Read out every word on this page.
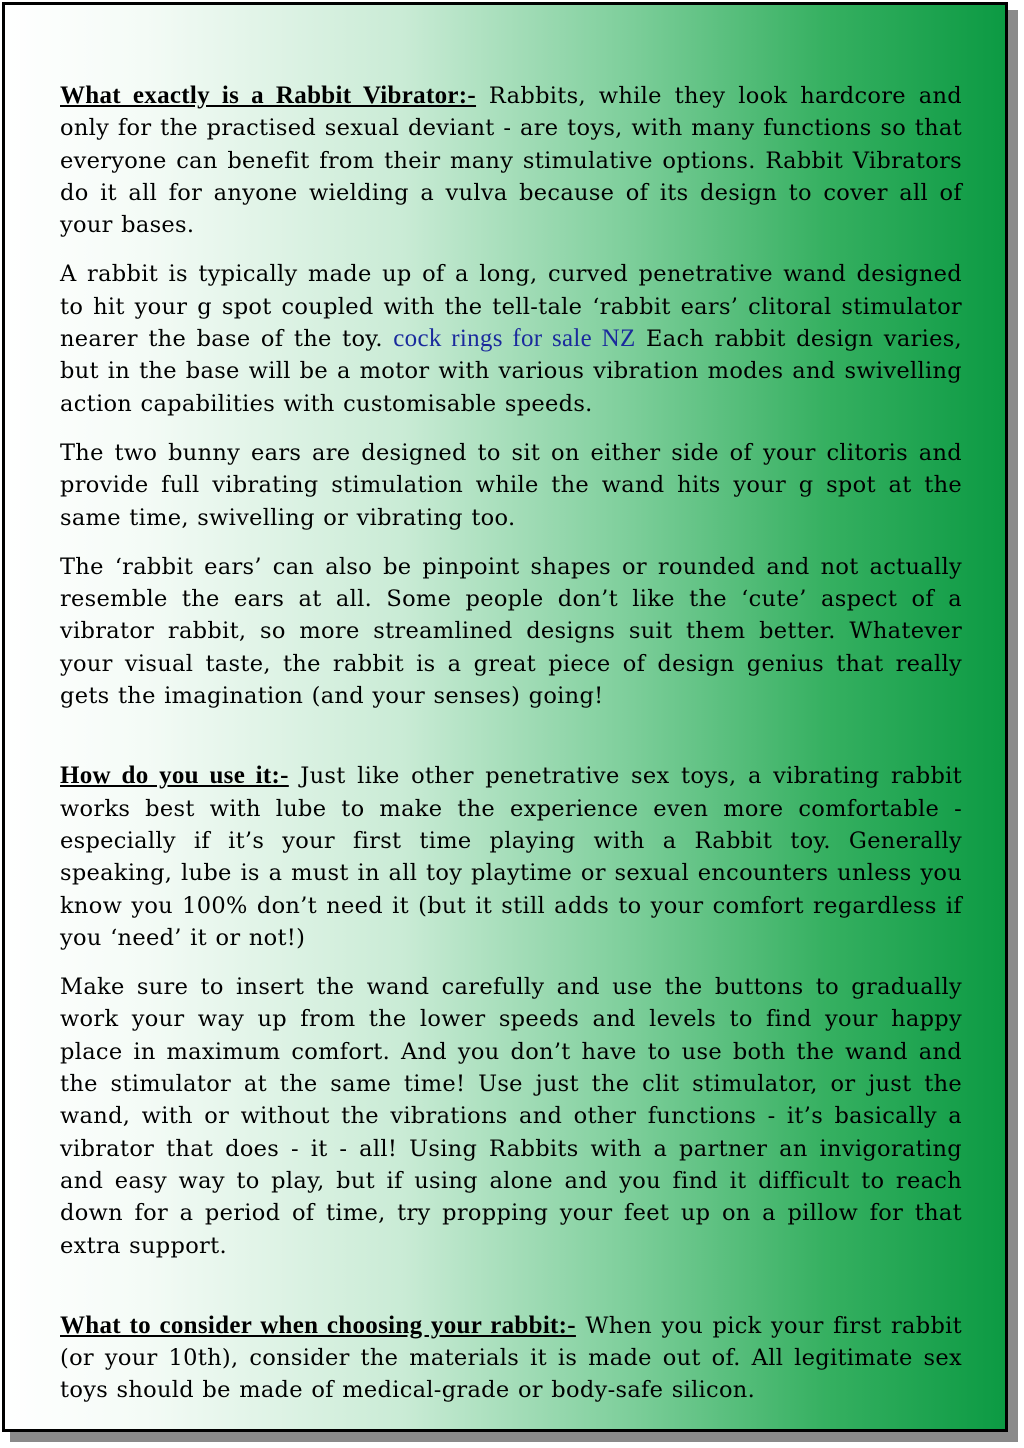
What exactly is a Rabbit Vibrator:- Rabbits, while they look hardcore and only for the practised sexual deviant - are toys, with many functions so that everyone can benefit from their many stimulative options. Rabbit Vibrators do it all for anyone wielding a vulva because of its design to cover all of your bases.

A rabbit is typically made up of a long, curved penetrative wand designed to hit your g spot coupled with the tell-tale ‘rabbit ears’ clitoral stimulator nearer the base of the toy. cock rings for sale NZ Each rabbit design varies, but in the base will be a motor with various vibration modes and swivelling action capabilities with customisable speeds.

The two bunny ears are designed to sit on either side of your clitoris and provide full vibrating stimulation while the wand hits your g spot at the same time, swivelling or vibrating too.

The ‘rabbit ears’ can also be pinpoint shapes or rounded and not actually resemble the ears at all. Some people don’t like the ‘cute’ aspect of a vibrator rabbit, so more streamlined designs suit them better. Whatever your visual taste, the rabbit is a great piece of design genius that really gets the imagination (and your senses) going!

How do you use it:- Just like other penetrative sex toys, a vibrating rabbit works best with lube to make the experience even more comfortable - especially if it’s your first time playing with a Rabbit toy. Generally speaking, lube is a must in all toy playtime or sexual encounters unless you know you 100% don’t need it (but it still adds to your comfort regardless if you ‘need’ it or not!)

Make sure to insert the wand carefully and use the buttons to gradually work your way up from the lower speeds and levels to find your happy place in maximum comfort. And you don’t have to use both the wand and the stimulator at the same time! Use just the clit stimulator, or just the wand, with or without the vibrations and other functions - it’s basically a vibrator that does - it - all! Using Rabbits with a partner an invigorating and easy way to play, but if using alone and you find it difficult to reach down for a period of time, try propping your feet up on a pillow for that extra support.

What to consider when choosing your rabbit:- When you pick your first rabbit (or your 10th), consider the materials it is made out of. All legitimate sex toys should be made of medical-grade or body-safe silicon.
